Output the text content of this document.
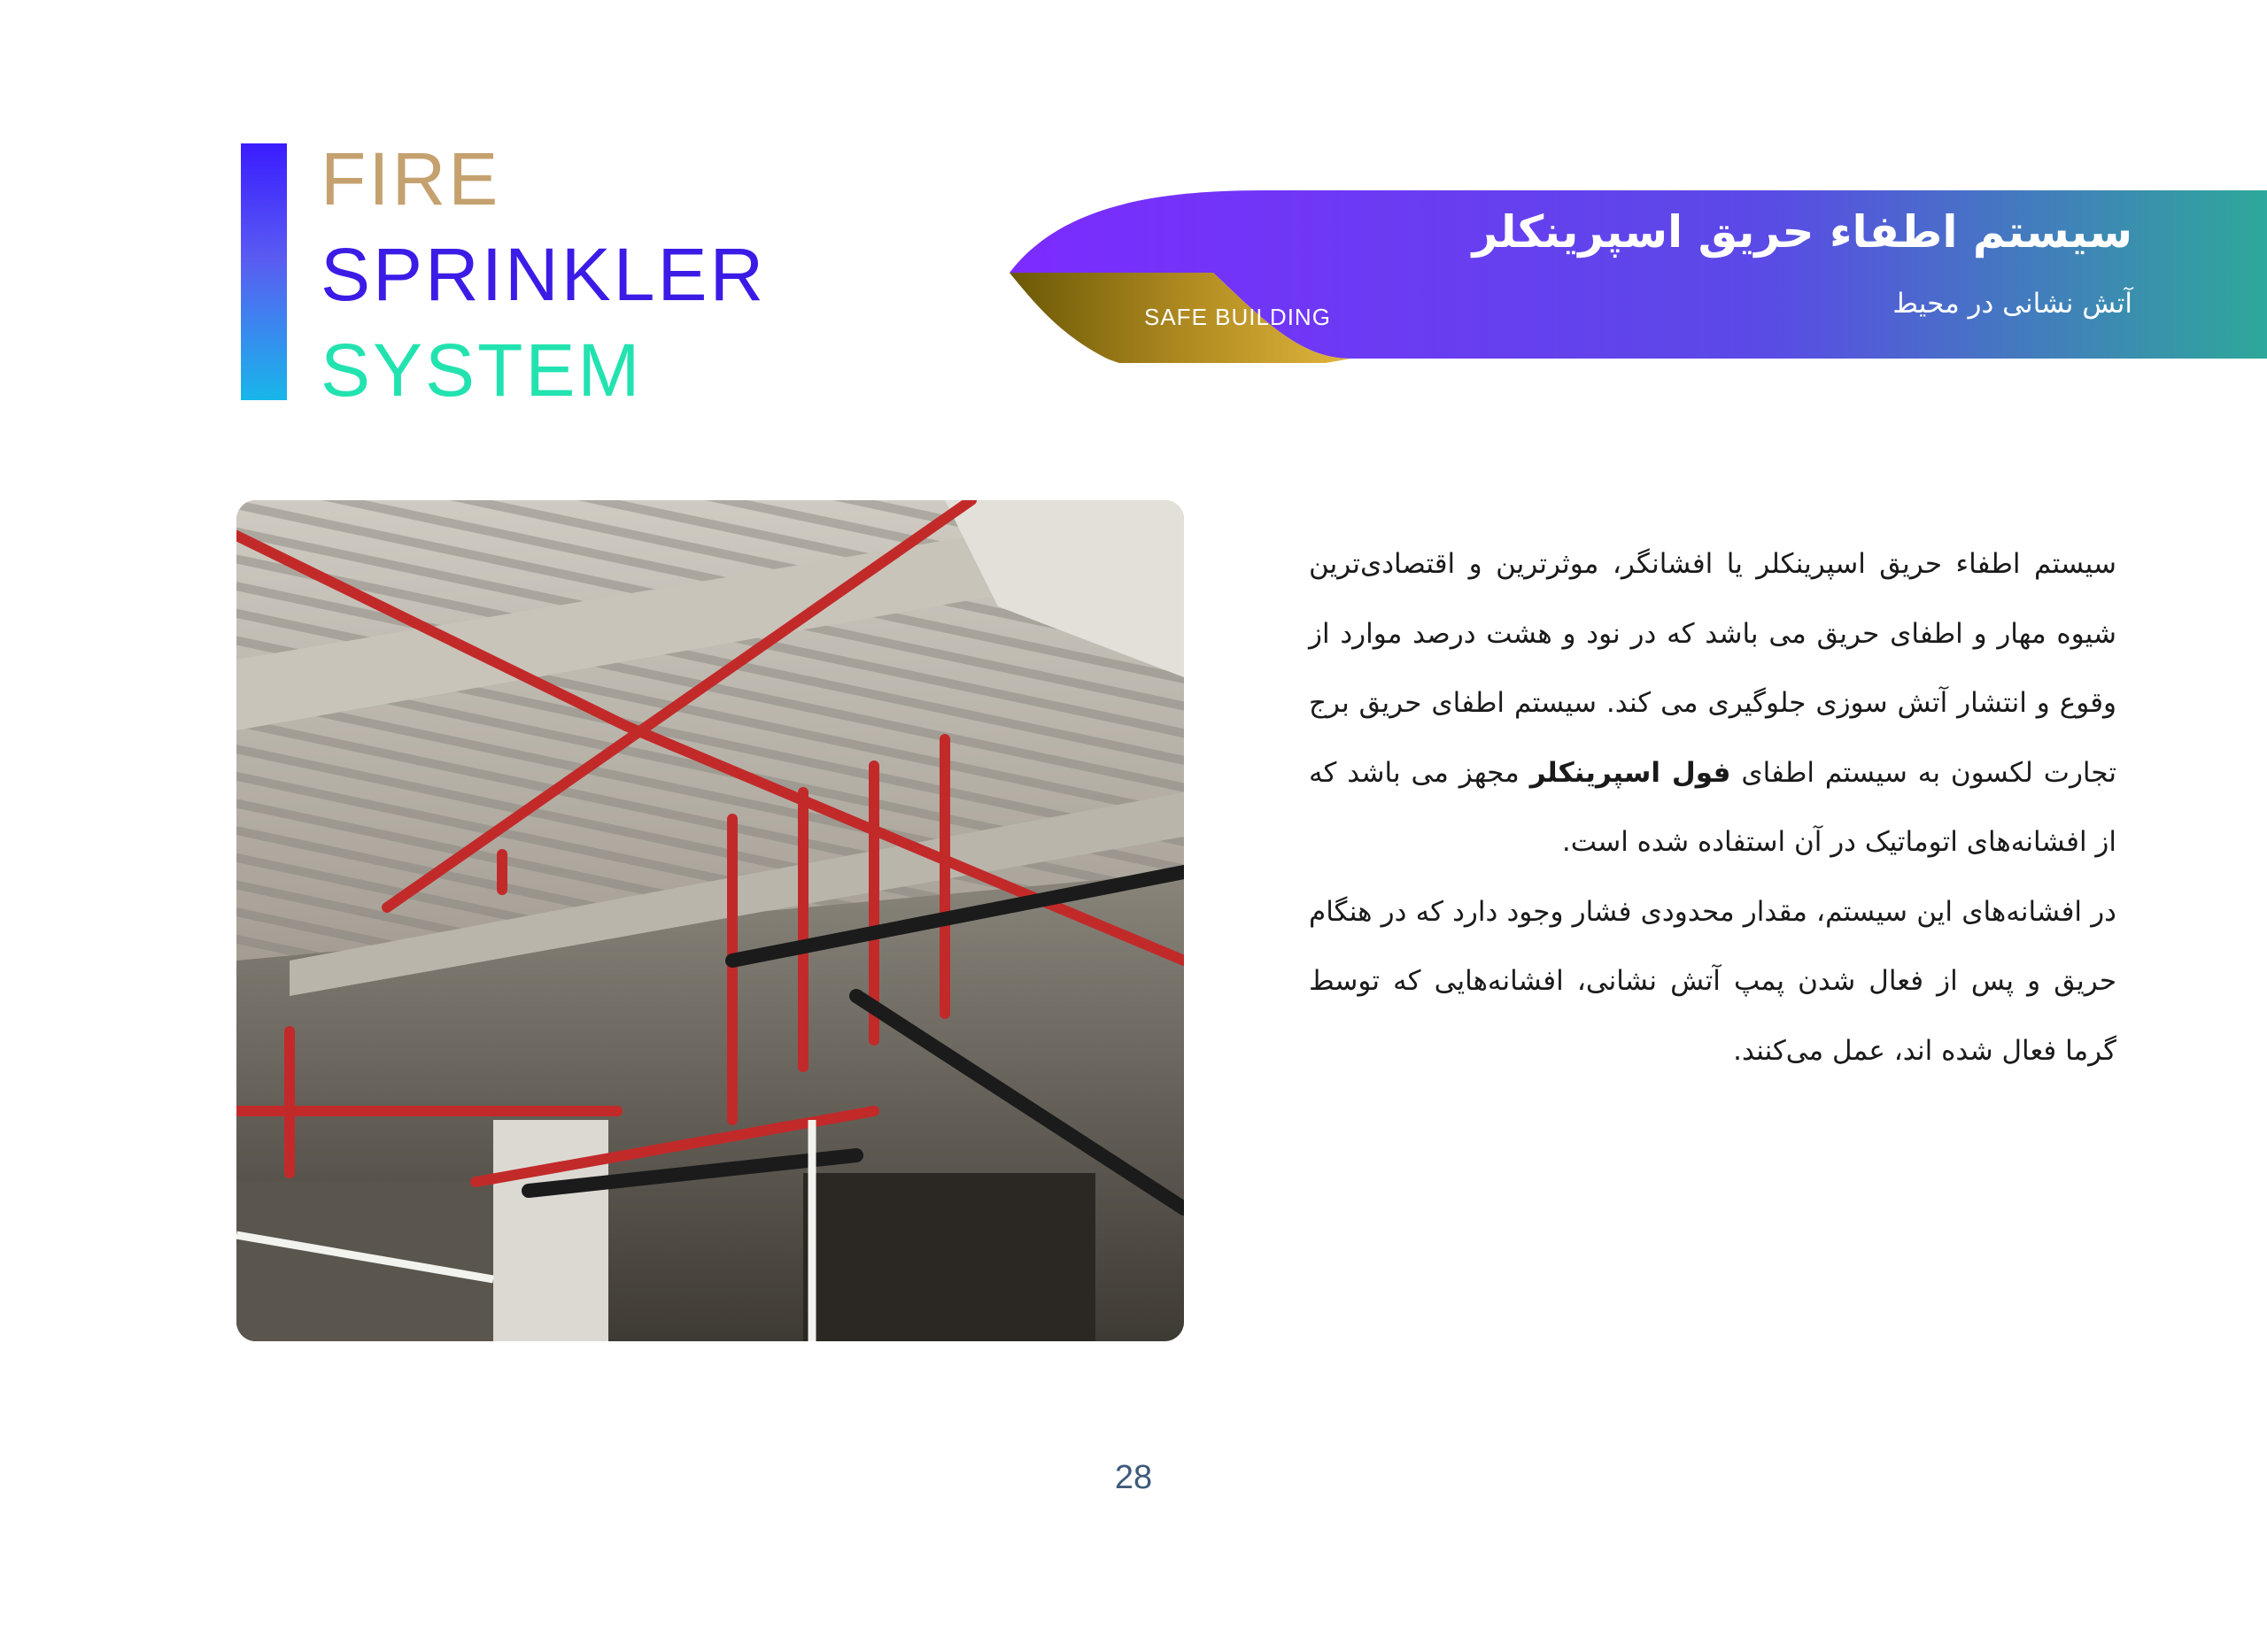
FIRE
SPRINKLER
SYSTEM

سیستم اطفاء حریق اسپرینکلر

آتش نشانی در محیط
SAFE BUILDING

سیستم اطفاء حریق اسپرینکلر یا افشانگر، موثرترین و اقتصادی‌ترین شیوه مهار و اطفای حریق می باشد که در نود و هشت درصد موارد از وقوع و انتشار آتش سوزی جلوگیری می کند. سیستم اطفای حریق برج تجارت لکسون به سیستم اطفای فول اسپرینکلر مجهز می باشد که از افشانه‌های اتوماتیک در آن استفاده شده است.

در افشانه‌های این سیستم، مقدار محدودی فشار وجود دارد که در هنگام حریق و پس از فعال شدن پمپ آتش نشانی، افشانه‌هایی که توسط گرما فعال شده اند، عمل می‌کنند.

28
